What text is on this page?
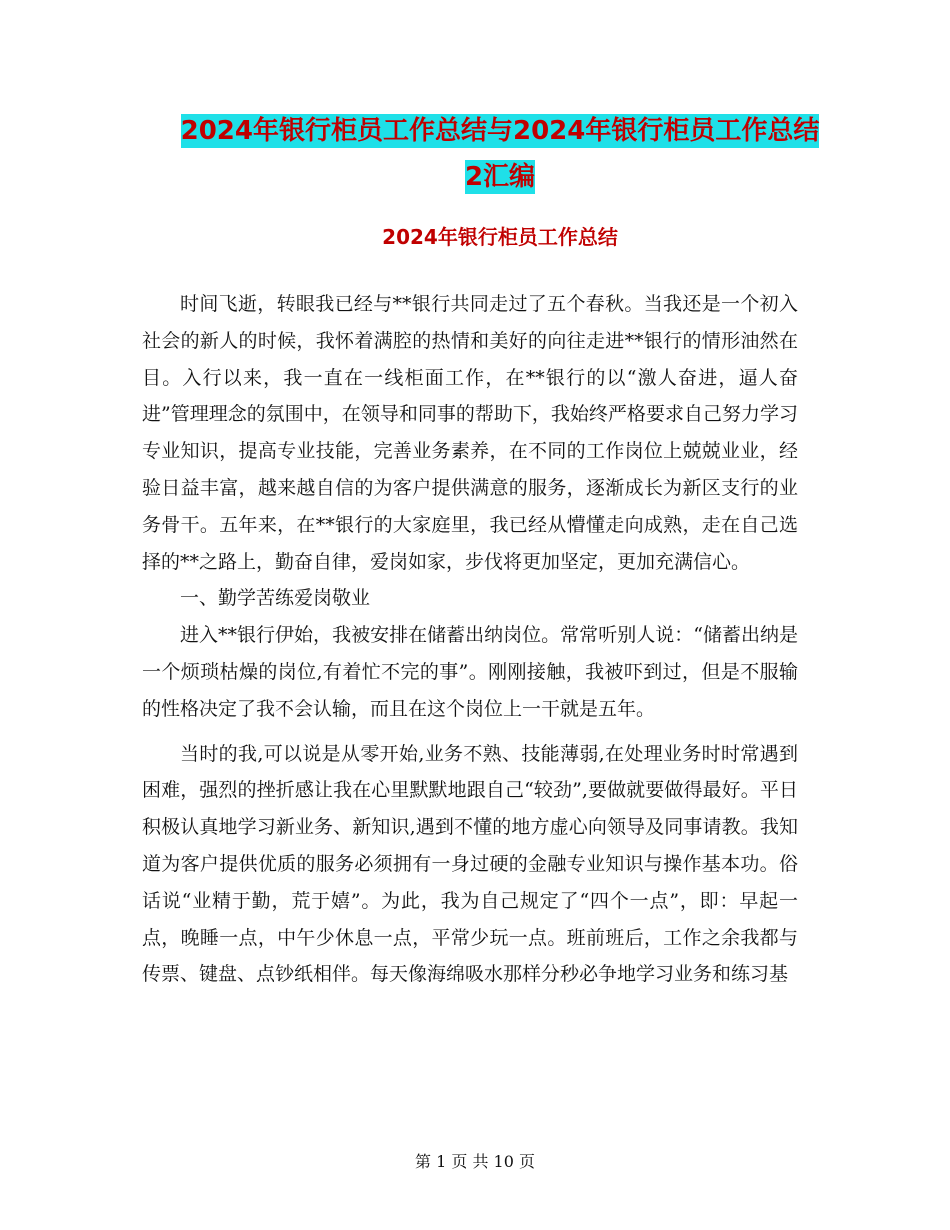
2024年银行柜员工作总结与2024年银行柜员工作总结
2汇编
2024年银行柜员工作总结

时间飞逝，转眼我已经与**银行共同走过了五个春秋。当我还是一个初入社会的新人的时候，我怀着满腔的热情和美好的向往走进**银行的情形油然在目。入行以来，我一直在一线柜面工作，在**银行的以“激人奋进，逼人奋进”管理理念的氛围中，在领导和同事的帮助下，我始终严格要求自己努力学习专业知识，提高专业技能，完善业务素养，在不同的工作岗位上兢兢业业，经验日益丰富，越来越自信的为客户提供满意的服务，逐渐成长为新区支行的业务骨干。五年来，在**银行的大家庭里，我已经从懵懂走向成熟，走在自己选择的**之路上，勤奋自律，爱岗如家，步伐将更加坚定，更加充满信心。

一、勤学苦练爱岗敬业

进入**银行伊始，我被安排在储蓄出纳岗位。常常听别人说：“储蓄出纳是一个烦琐枯燥的岗位,有着忙不完的事”。刚刚接触，我被吓到过，但是不服输的性格决定了我不会认输，而且在这个岗位上一干就是五年。

当时的我,可以说是从零开始,业务不熟、技能薄弱,在处理业务时时常遇到困难，强烈的挫折感让我在心里默默地跟自己“较劲”,要做就要做得最好。平日积极认真地学习新业务、新知识,遇到不懂的地方虚心向领导及同事请教。我知道为客户提供优质的服务必须拥有一身过硬的金融专业知识与操作基本功。俗话说“业精于勤，荒于嬉”。为此，我为自己规定了“四个一点”，即：早起一点，晚睡一点，中午少休息一点，平常少玩一点。班前班后，工作之余我都与传票、键盘、点钞纸相伴。每天像海绵吸水那样分秒必争地学习业务和练习基

第 1 页 共 10 页
